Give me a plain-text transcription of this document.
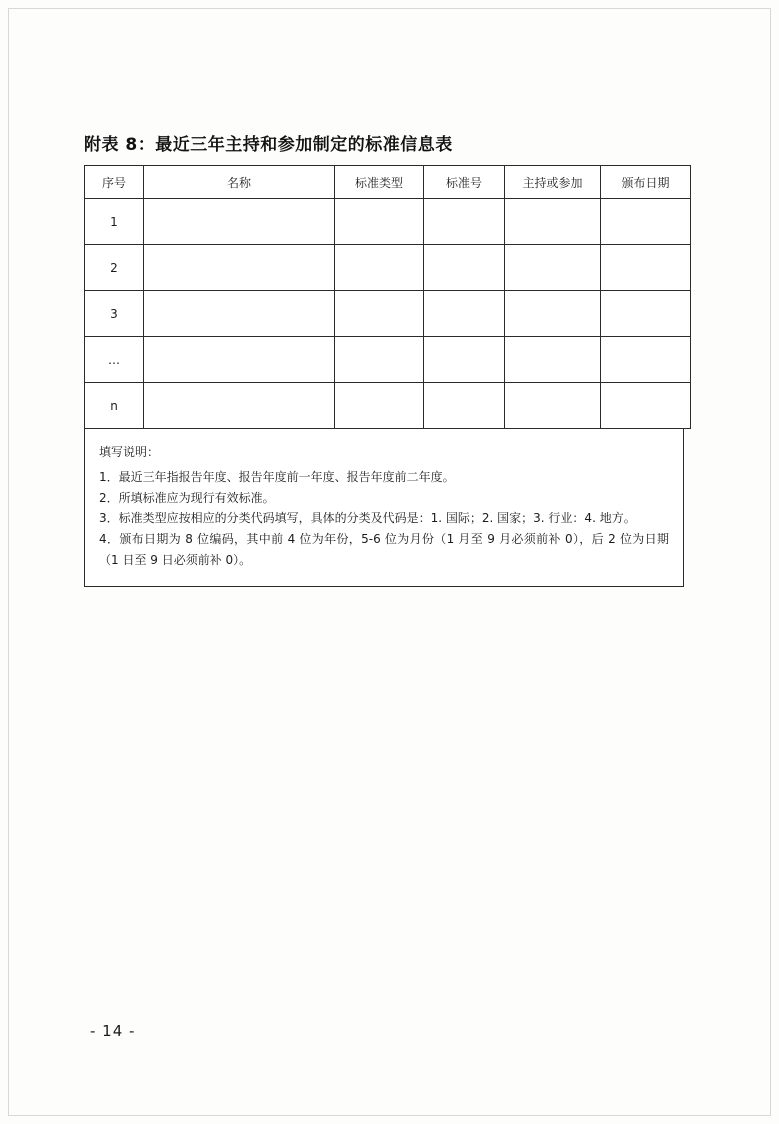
附表 8：最近三年主持和参加制定的标准信息表
序号	名称	标准类型	标准号	主持或参加	颁布日期
1					
2					
3					
…					
n					
填写说明：

1．最近三年指报告年度、报告年度前一年度、报告年度前二年度。

2．所填标准应为现行有效标准。

3．标准类型应按相应的分类代码填写，具体的分类及代码是：1. 国际；2. 国家；3. 行业：4. 地方。

4．颁布日期为 8 位编码，其中前 4 位为年份，5-6 位为月份（1 月至 9 月必须前补 0），后 2 位为日期（1 日至 9 日必须前补 0）。

- 14 -
